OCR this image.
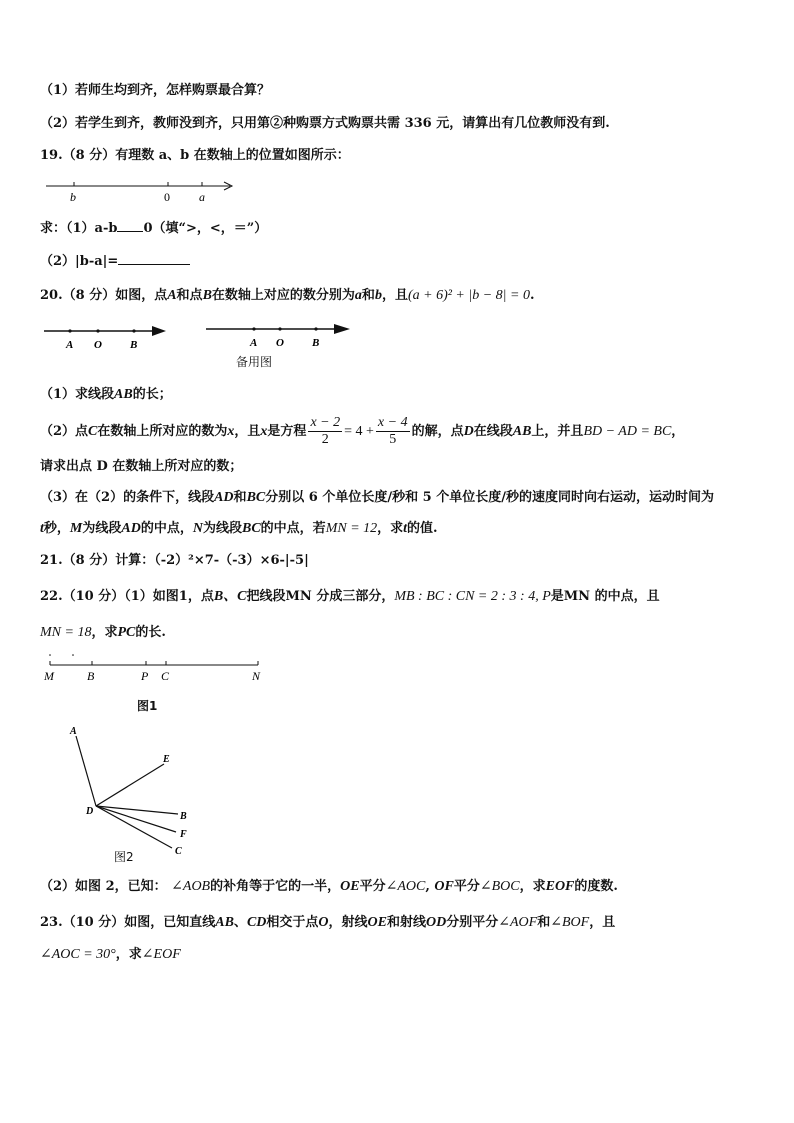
（1）若师生均到齐，怎样购票最合算？
（2）若学生到齐，教师没到齐，只用第②种购票方式购票共需 336 元，请算出有几位教师没有到.
19.（8 分）有理数 a、b 在数轴上的位置如图所示：
b	0 a
求：（1）a-b 0（填“>，<，＝”）
（2）|b-a|=
20.（8 分）如图，点A和点B在数轴上对应的数分别为a和b，且(a + 6)² + |b − 8| = 0.
A O	B	A O	B
备用图
（1）求线段AB的长；
（2）点C在数轴上所对应的数为x，且x是方程 $\frac{x - 2}{2} = 4 + \frac{x - 4}{5}$ 的解，点D在线段AB上，并且BD − AD = BC，
请求出点 D 在数轴上所对应的数；
（3）在（2）的条件下，线段AD和BC分别以 6 个单位长度/秒和 5 个单位长度/秒的速度同时向右运动，运动时间为
t秒，M为线段AD的中点，N为线段BC的中点，若MN = 12，求t的值.
21.（8 分）计算：（-2）²×7-（-3）×6-|-5|
22.（10 分）（1）如图1，点B、C把线段MN 分成三部分，MB : BC : CN = 2 : 3 : 4, P是MN 的中点，且
MN = 18，求PC的长.
M	B	P C	N
图1
A
E
D	B
F
C
图2
（2）如图 2，已知： ∠AOB的补角等于它的一半，OE平分∠AOC, OF平分∠BOC，求EOF的度数.
23.（10 分）如图，已知直线AB、CD相交于点O，射线OE和射线OD分别平分∠AOF和∠BOF，且
∠AOC = 30°，求∠EOF
